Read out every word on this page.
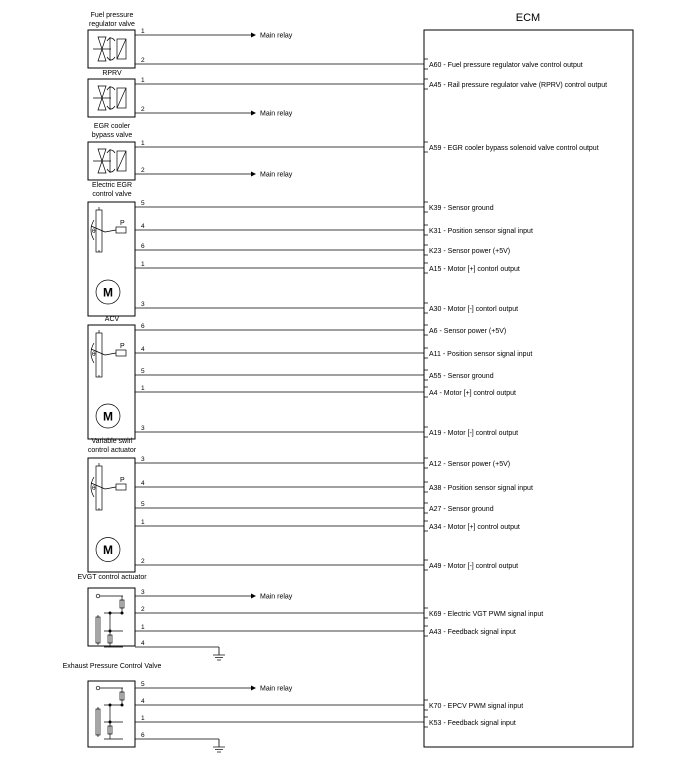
ECM
Fuel pressure
regulator valve
1
Main relay
2
A60 - Fuel pressure regulator valve control output
RPRV
1
A45 - Rail pressure regulator valve (RPRV) control output
2
Main relay
EGR cooler
bypass valve
1
A59 - EGR cooler bypass solenoid valve control output
2
Main relay
Electric EGR
control valve
θ
P
M
5
K39 - Sensor ground
4
K31 - Position sensor signal input
6
K23 - Sensor power (+5V)
1
A15 - Motor [+] contorl output
3
A30 - Motor [-] contorl output
ACV
θ
P
M
6
A6 - Sensor power (+5V)
4
A11 - Position sensor signal input
5
A55 - Sensor ground
1
A4 - Motor [+] control output
3
A19 - Motor [-] control output
Variable swirl
control actuator
θ
P
M
3
A12 - Sensor power (+5V)
4
A38 - Position sensor signal input
5
A27 - Sensor ground
1
A34 - Motor [+] control output
2
A49 - Motor [-] control output
EVGT control actuator
3
Main relay
2
K69 - Electric VGT PWM signal input
1
A43 - Feedback signal input
4
Exhaust Pressure Control Valve
5
Main relay
4
K70 - EPCV PWM signal input
1
K53 - Feedback signal input
6
